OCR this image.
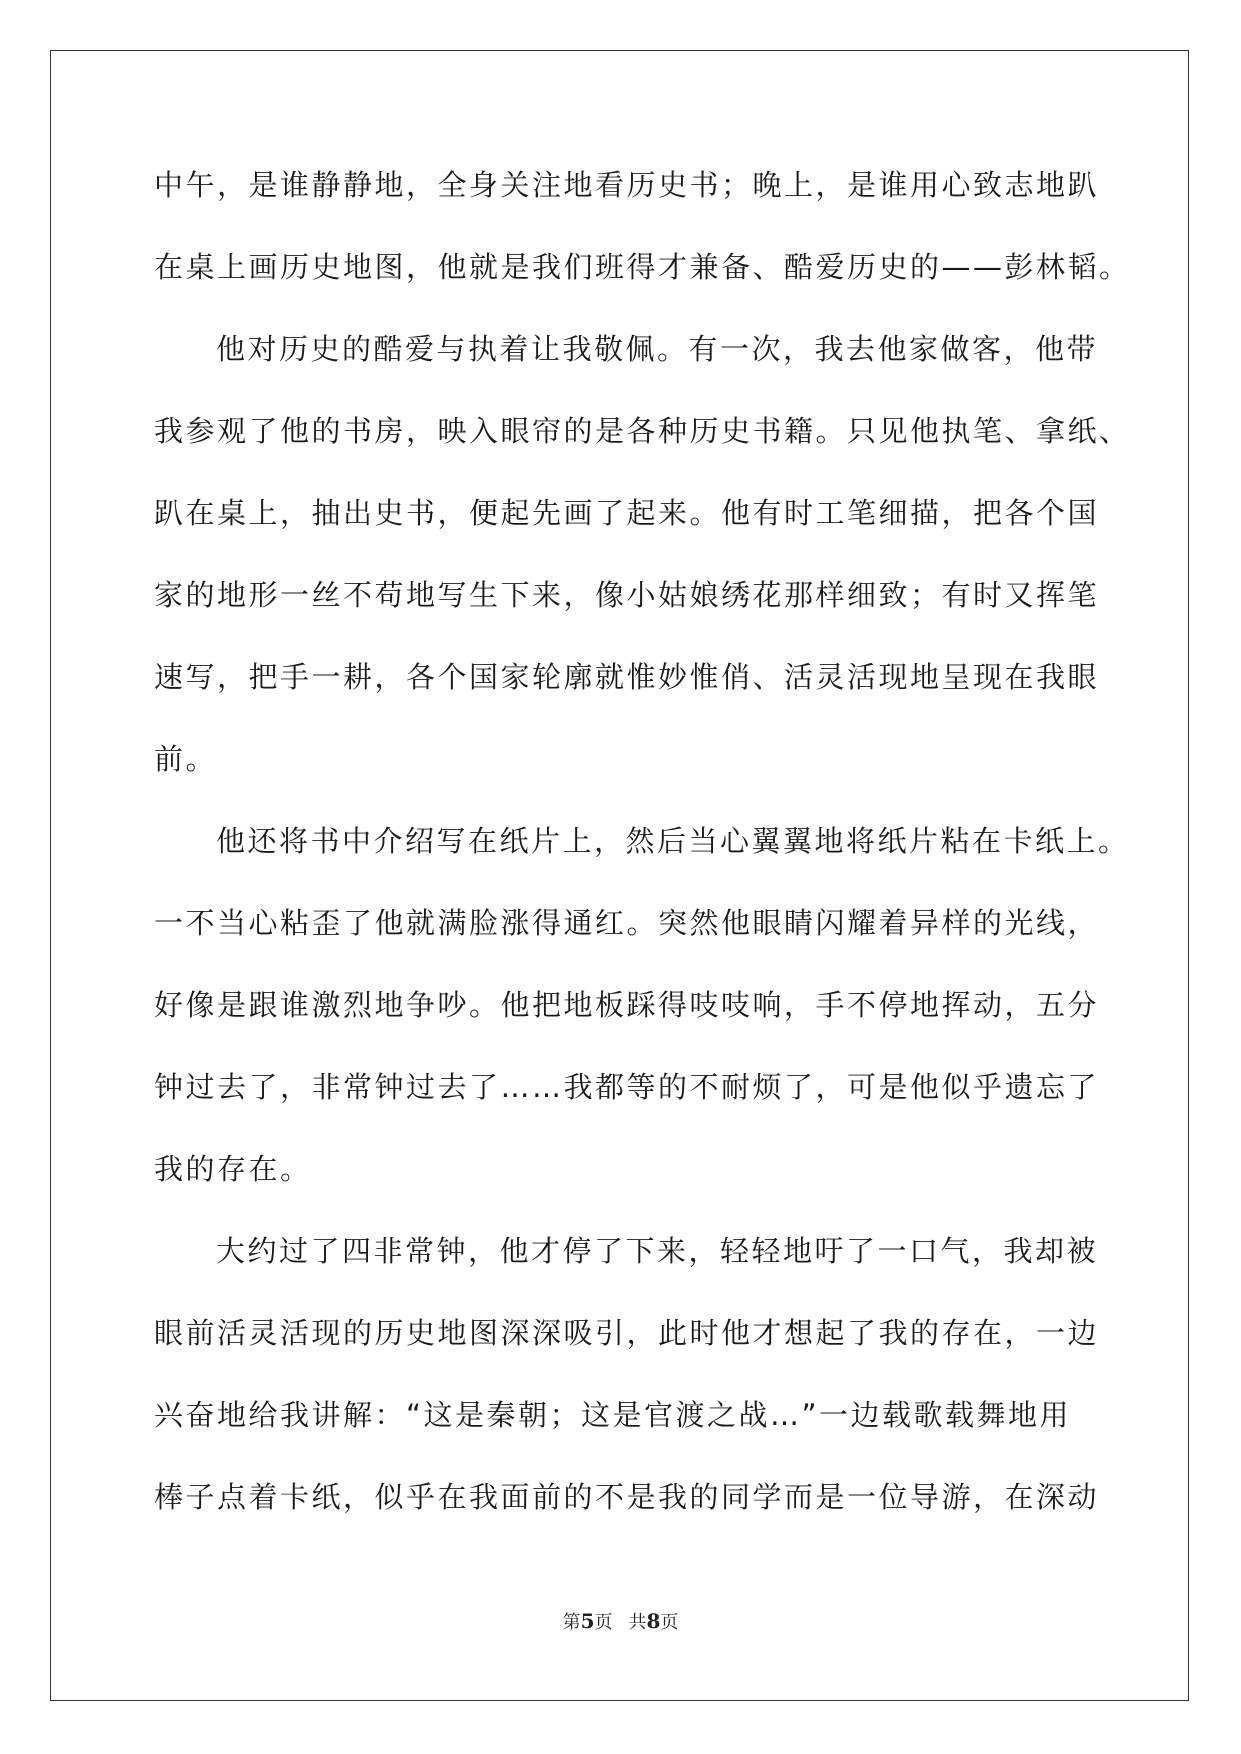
中午，是谁静静地，全身关注地看历史书；晚上，是谁用心致志地趴
在桌上画历史地图，他就是我们班得才兼备、酷爱历史的——彭林韬。
他对历史的酷爱与执着让我敬佩。有一次，我去他家做客，他带
我参观了他的书房，映入眼帘的是各种历史书籍。只见他执笔、拿纸、
趴在桌上，抽出史书，便起先画了起来。他有时工笔细描，把各个国
家的地形一丝不苟地写生下来，像小姑娘绣花那样细致；有时又挥笔
速写，把手一耕，各个国家轮廓就惟妙惟俏、活灵活现地呈现在我眼
前。
他还将书中介绍写在纸片上，然后当心翼翼地将纸片粘在卡纸上。
一不当心粘歪了他就满脸涨得通红。突然他眼睛闪耀着异样的光线，
好像是跟谁激烈地争吵。他把地板踩得吱吱响，手不停地挥动，五分
钟过去了，非常钟过去了……我都等的不耐烦了，可是他似乎遗忘了
我的存在。
大约过了四非常钟，他才停了下来，轻轻地吁了一口气，我却被
眼前活灵活现的历史地图深深吸引，此时他才想起了我的存在，一边
兴奋地给我讲解：“这是秦朝；这是官渡之战…”一边载歌载舞地用
棒子点着卡纸，似乎在我面前的不是我的同学而是一位导游，在深动
第5页 共8页
